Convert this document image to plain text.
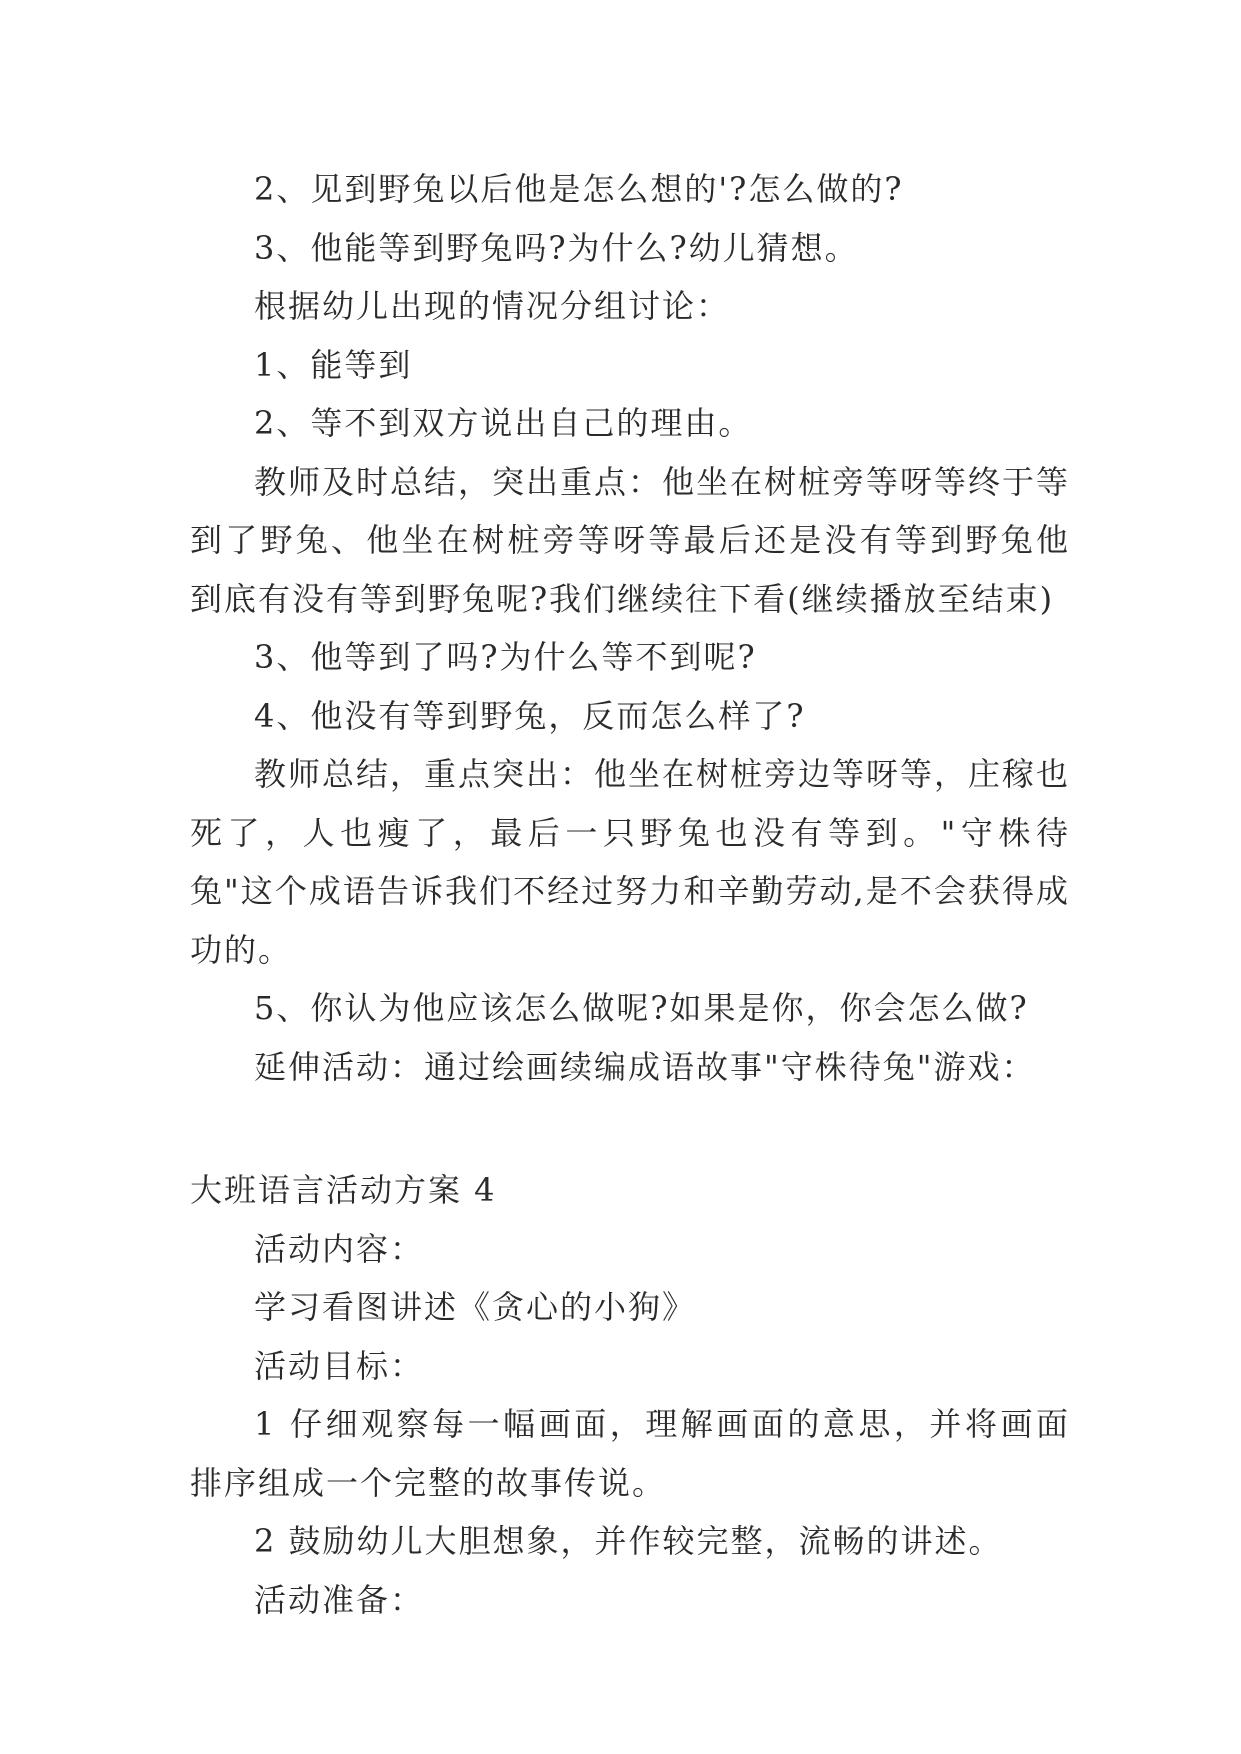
2、见到野兔以后他是怎么想的'?怎么做的?

3、他能等到野兔吗?为什么?幼儿猜想。

根据幼儿出现的情况分组讨论：

1、能等到

2、等不到双方说出自己的理由。

教师及时总结，突出重点：他坐在树桩旁等呀等终于等到了野兔、他坐在树桩旁等呀等最后还是没有等到野兔他到底有没有等到野兔呢?我们继续往下看(继续播放至结束)

3、他等到了吗?为什么等不到呢?

4、他没有等到野兔，反而怎么样了?

教师总结，重点突出：他坐在树桩旁边等呀等，庄稼也死了，人也瘦了，最后一只野兔也没有等到。"守株待兔"这个成语告诉我们不经过努力和辛勤劳动,是不会获得成功的。

5、你认为他应该怎么做呢?如果是你，你会怎么做?

延伸活动：通过绘画续编成语故事"守株待兔"游戏：

大班语言活动方案 4

活动内容：

学习看图讲述《贪心的小狗》

活动目标：

1 仔细观察每一幅画面，理解画面的意思，并将画面排序组成一个完整的故事传说。

2 鼓励幼儿大胆想象，并作较完整，流畅的讲述。

活动准备：
